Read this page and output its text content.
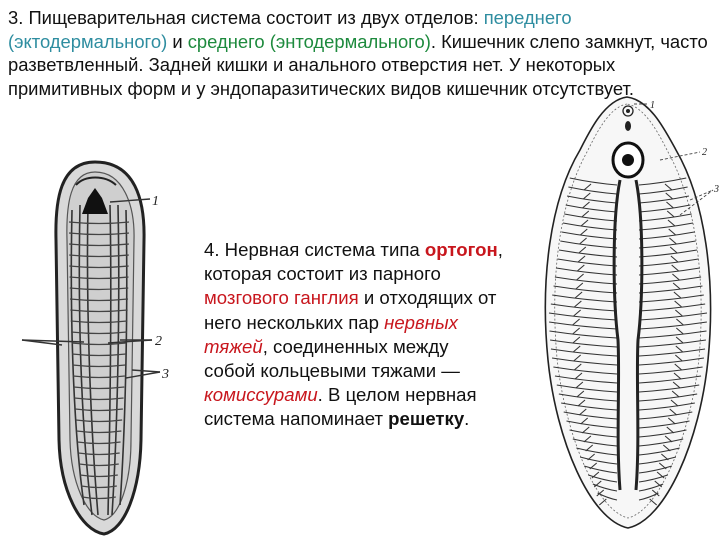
3. Пищеварительная система состоит из двух отделов: переднего (эктодермального) и среднего (энтодермального). Кишечник слепо замкнут, часто разветвленный. Задней кишки и анального отверстия нет. У некоторых примитивных форм и у эндопаразитических видов кишечник отсутствует.

4. Нервная система типа ортогон, которая состоит из парного мозгового ганглия и отходящих от него нескольких пар нервных тяжей, соединенных между собой кольцевыми тяжами — комиссурами. В целом нервная система напоминает решетку.

1
2
3
1
2
3
